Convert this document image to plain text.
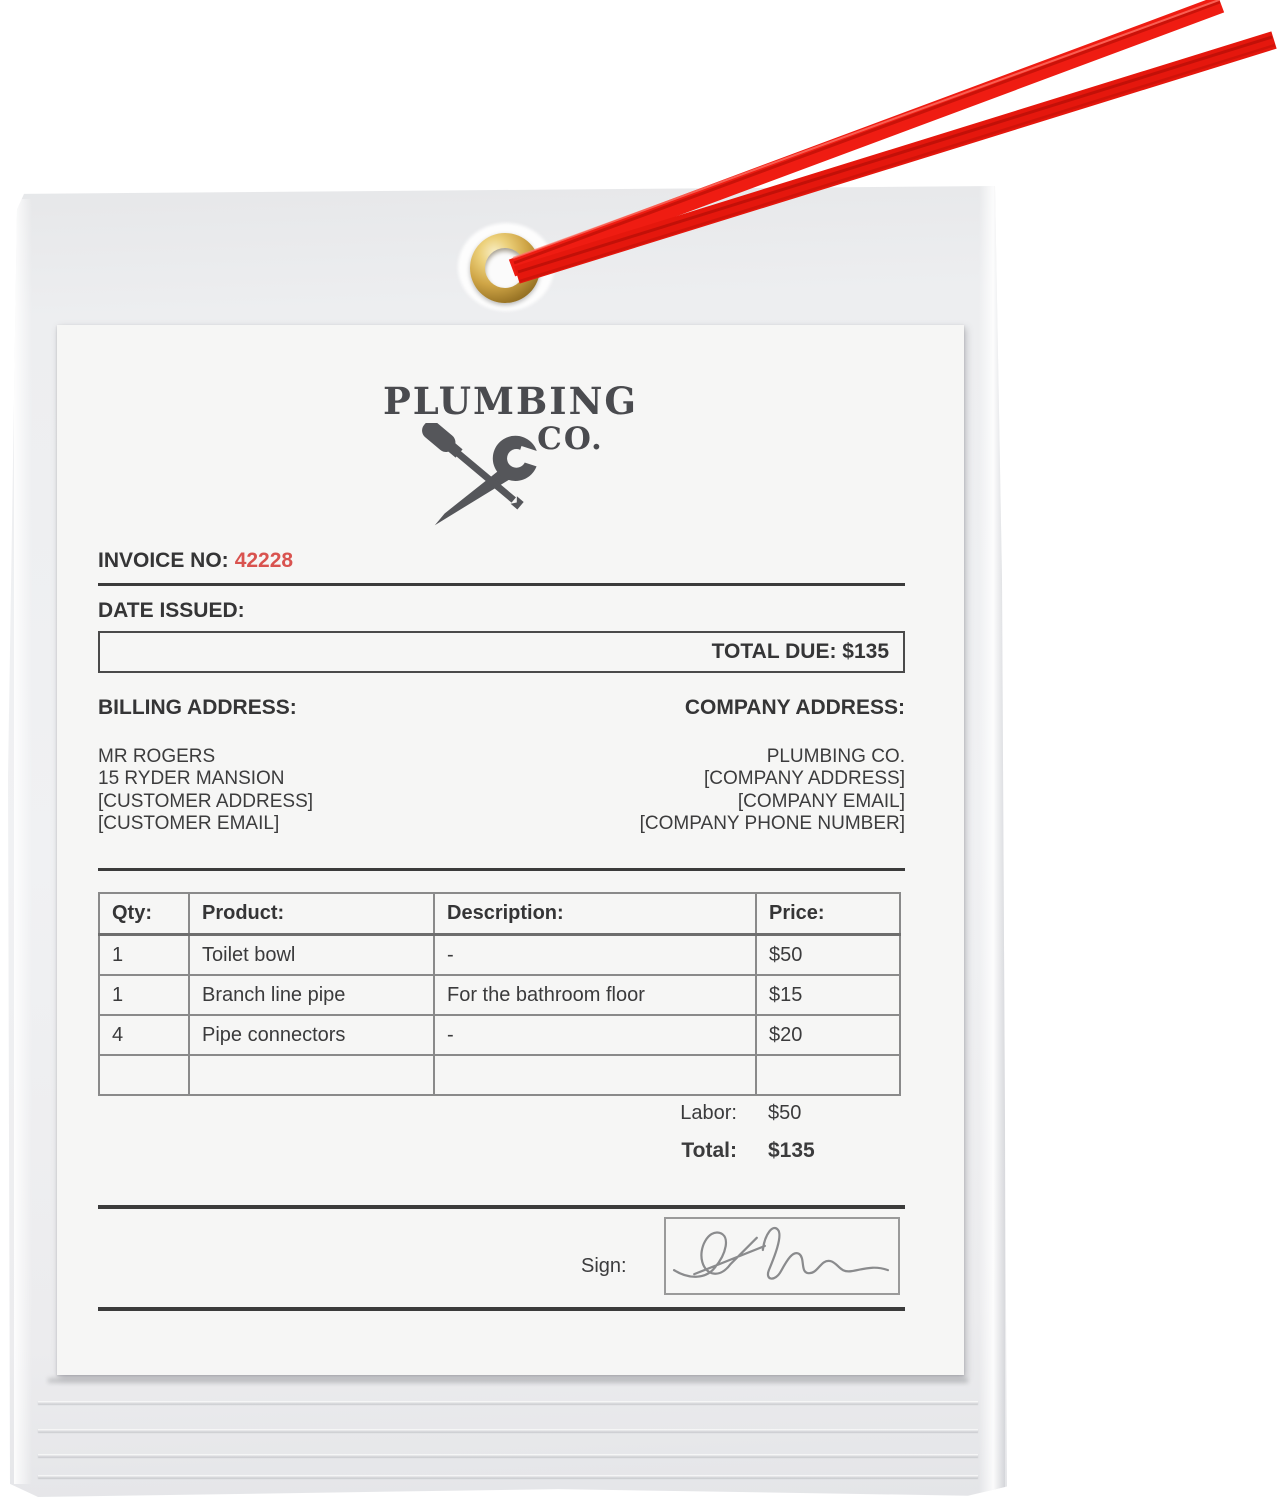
PLUMBING
CO.
INVOICE NO: 42228
DATE ISSUED:
TOTAL DUE: $135
BILLING ADDRESS:
MR ROGERS
15 RYDER MANSION
[CUSTOMER ADDRESS]
[CUSTOMER EMAIL]
COMPANY ADDRESS:
PLUMBING CO.
[COMPANY ADDRESS]
[COMPANY EMAIL]
[COMPANY PHONE NUMBER]
Qty:	Product:	Description:	Price:
1	Toilet bowl	-	$50
1	Branch line pipe	For the bathroom floor	$15
4	Pipe connectors	-	$20

Labor: $50
Total: $135
Sign:
